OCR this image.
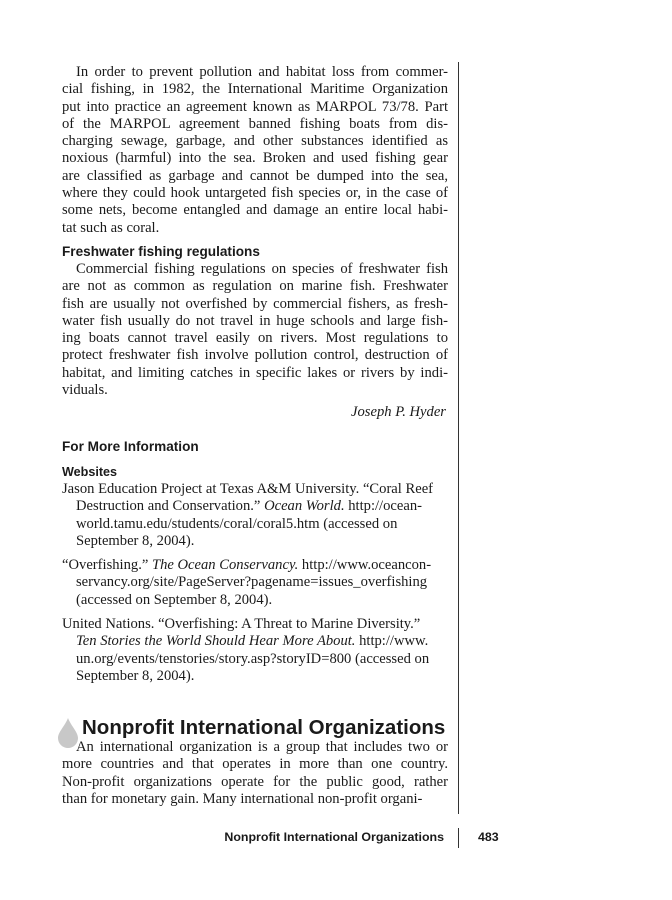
In order to prevent pollution and habitat loss from commer-
cial fishing, in 1982, the International Maritime Organization
put into practice an agreement known as MARPOL 73/78. Part
of the MARPOL agreement banned fishing boats from dis-
charging sewage, garbage, and other substances identified as
noxious (harmful) into the sea. Broken and used fishing gear
are classified as garbage and cannot be dumped into the sea,
where they could hook untargeted fish species or, in the case of
some nets, become entangled and damage an entire local habi-
tat such as coral.
Freshwater fishing regulations
Commercial fishing regulations on species of freshwater fish
are not as common as regulation on marine fish. Freshwater
fish are usually not overfished by commercial fishers, as fresh-
water fish usually do not travel in huge schools and large fish-
ing boats cannot travel easily on rivers. Most regulations to
protect freshwater fish involve pollution control, destruction of
habitat, and limiting catches in specific lakes or rivers by indi-
viduals.
Joseph P. Hyder
For More Information
Websites
Jason Education Project at Texas A&M University. “Coral Reef
Destruction and Conservation.” Ocean World. http://ocean-
world.tamu.edu/students/coral/coral5.htm (accessed on
September 8, 2004).
“Overfishing.” The Ocean Conservancy. http://www.oceancon-
servancy.org/site/PageServer?pagename=issues_overfishing
(accessed on September 8, 2004).
United Nations. “Overfishing: A Threat to Marine Diversity.”
Ten Stories the World Should Hear More About. http://www.
un.org/events/tenstories/story.asp?storyID=800 (accessed on
September 8, 2004).
Nonprofit International Organizations
An international organization is a group that includes two or
more countries and that operates in more than one country.
Non-profit organizations operate for the public good, rather
than for monetary gain. Many international non-profit organi-
Nonprofit International Organizations	483
